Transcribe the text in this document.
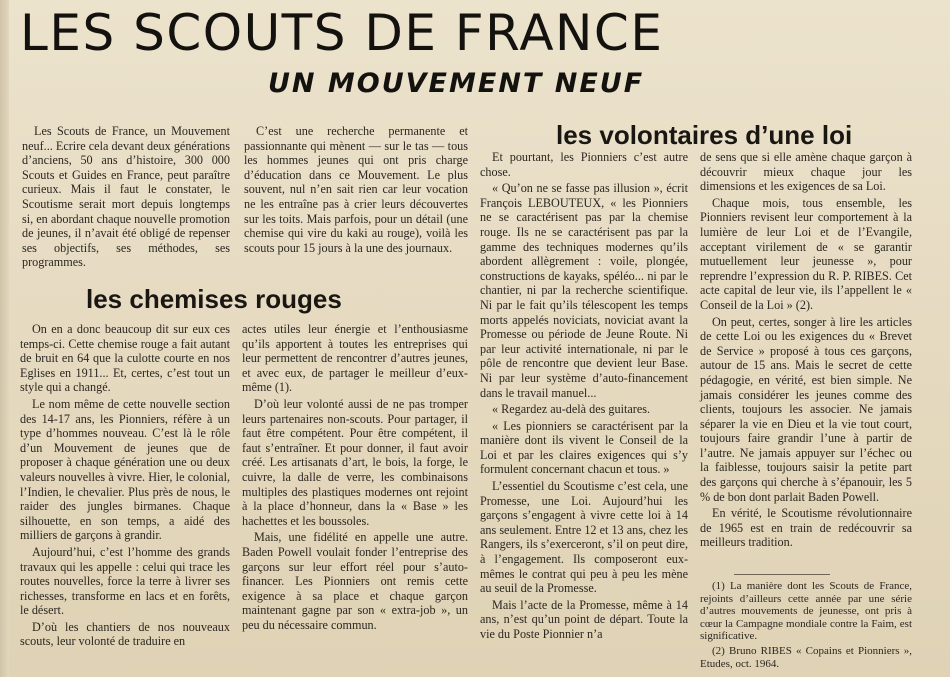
LES SCOUTS DE FRANCE
UN MOUVEMENT NEUF

Les Scouts de France, un Mouvement neuf... Ecrire cela devant deux générations d’anciens, 50 ans d’histoire, 300 000 Scouts et Guides en France, peut paraître curieux. Mais il faut le constater, le Scoutisme serait mort depuis longtemps si, en abordant chaque nouvelle promotion de jeunes, il n’avait été obligé de repenser ses objectifs, ses méthodes, ses programmes.

C’est une recherche permanente et passionnante qui mènent — sur le tas — tous les hommes jeunes qui ont pris charge d’éducation dans ce Mouvement. Le plus souvent, nul n’en sait rien car leur vocation ne les entraîne pas à crier leurs découvertes sur les toits. Mais parfois, pour un détail (une chemise qui vire du kaki au rouge), voilà les scouts pour 15 jours à la une des journaux.

les volontaires d’une loi
les chemises rouges

On en a donc beaucoup dit sur eux ces temps-ci. Cette chemise rouge a fait autant de bruit en 64 que la culotte courte en nos Eglises en 1911... Et, certes, c’est tout un style qui a changé.

Le nom même de cette nouvelle section des 14-17 ans, les Pionniers, réfère à un type d’hommes nouveau. C’est là le rôle d’un Mouvement de jeunes que de proposer à chaque génération une ou deux valeurs nouvelles à vivre. Hier, le colonial, l’Indien, le chevalier. Plus près de nous, le raider des jungles birmanes. Chaque silhouette, en son temps, a aidé des milliers de garçons à grandir.

Aujourd’hui, c’est l’homme des grands travaux qui les appelle : celui qui trace les routes nouvelles, force la terre à livrer ses richesses, transforme en lacs et en forêts, le désert.

D’où les chantiers de nos nouveaux scouts, leur volonté de traduire en

actes utiles leur énergie et l’enthousiasme qu’ils apportent à toutes les entreprises qui leur permettent de rencontrer d’autres jeunes, et avec eux, de partager le meilleur d’eux-même (1).

D’où leur volonté aussi de ne pas tromper leurs partenaires non-scouts. Pour partager, il faut être compétent. Pour être compétent, il faut s’entraîner. Et pour donner, il faut avoir créé. Les artisanats d’art, le bois, la forge, le cuivre, la dalle de verre, les combinaisons multiples des plastiques modernes ont rejoint à la place d’honneur, dans la « Base » les hachettes et les boussoles.

Mais, une fidélité en appelle une autre. Baden Powell voulait fonder l’entreprise des garçons sur leur effort réel pour s’auto-financer. Les Pionniers ont remis cette exigence à sa place et chaque garçon maintenant gagne par son « extra-job », un peu du nécessaire commun.

Et pourtant, les Pionniers c’est autre chose.

« Qu’on ne se fasse pas illusion », écrit François LEBOUTEUX, « les Pionniers ne se caractérisent pas par la chemise rouge. Ils ne se caractérisent pas par la gamme des techniques modernes qu’ils abordent allègrement : voile, plongée, constructions de kayaks, spéléo... ni par le chantier, ni par la recherche scientifique. Ni par le fait qu’ils télescopent les temps morts appelés noviciats, noviciat avant la Promesse ou période de Jeune Route. Ni par leur activité internationale, ni par le pôle de rencontre que devient leur Base. Ni par leur système d’auto-financement dans le travail manuel...

« Regardez au-delà des guitares.

« Les pionniers se caractérisent par la manière dont ils vivent le Conseil de la Loi et par les claires exigences qui s’y formulent concernant chacun et tous. »

L’essentiel du Scoutisme c’est cela, une Promesse, une Loi. Aujourd’hui les garçons s’engagent à vivre cette loi à 14 ans seulement. Entre 12 et 13 ans, chez les Rangers, ils s’exerceront, s’il on peut dire, à l’engagement. Ils composeront eux-mêmes le contrat qui peu à peu les mène au seuil de la Promesse.

Mais l’acte de la Promesse, même à 14 ans, n’est qu’un point de départ. Toute la vie du Poste Pionnier n’a

de sens que si elle amène chaque garçon à découvrir mieux chaque jour les dimensions et les exigences de sa Loi.

Chaque mois, tous ensemble, les Pionniers revisent leur comportement à la lumière de leur Loi et de l’Evangile, acceptant virilement de « se garantir mutuellement leur jeunesse », pour reprendre l’expression du R. P. RIBES. Cet acte capital de leur vie, ils l’appellent le « Conseil de la Loi » (2).

On peut, certes, songer à lire les articles de cette Loi ou les exigences du « Brevet de Service » proposé à tous ces garçons, autour de 15 ans. Mais le secret de cette pédagogie, en vérité, est bien simple. Ne jamais considérer les jeunes comme des clients, toujours les associer. Ne jamais séparer la vie en Dieu et la vie tout court, toujours faire grandir l’une à partir de l’autre. Ne jamais appuyer sur l’échec ou la faiblesse, toujours saisir la petite part des garçons qui cherche à s’épanouir, les 5 % de bon dont parlait Baden Powell.

En vérité, le Scoutisme révolutionnaire de 1965 est en train de redécouvrir sa meilleurs tradition.

(1) La manière dont les Scouts de France, rejoints d’ailleurs cette année par une série d’autres mouvements de jeunesse, ont pris à cœur la Campagne mondiale contre la Faim, est significative.

(2) Bruno RIBES « Copains et Pionniers », Etudes, oct. 1964.
